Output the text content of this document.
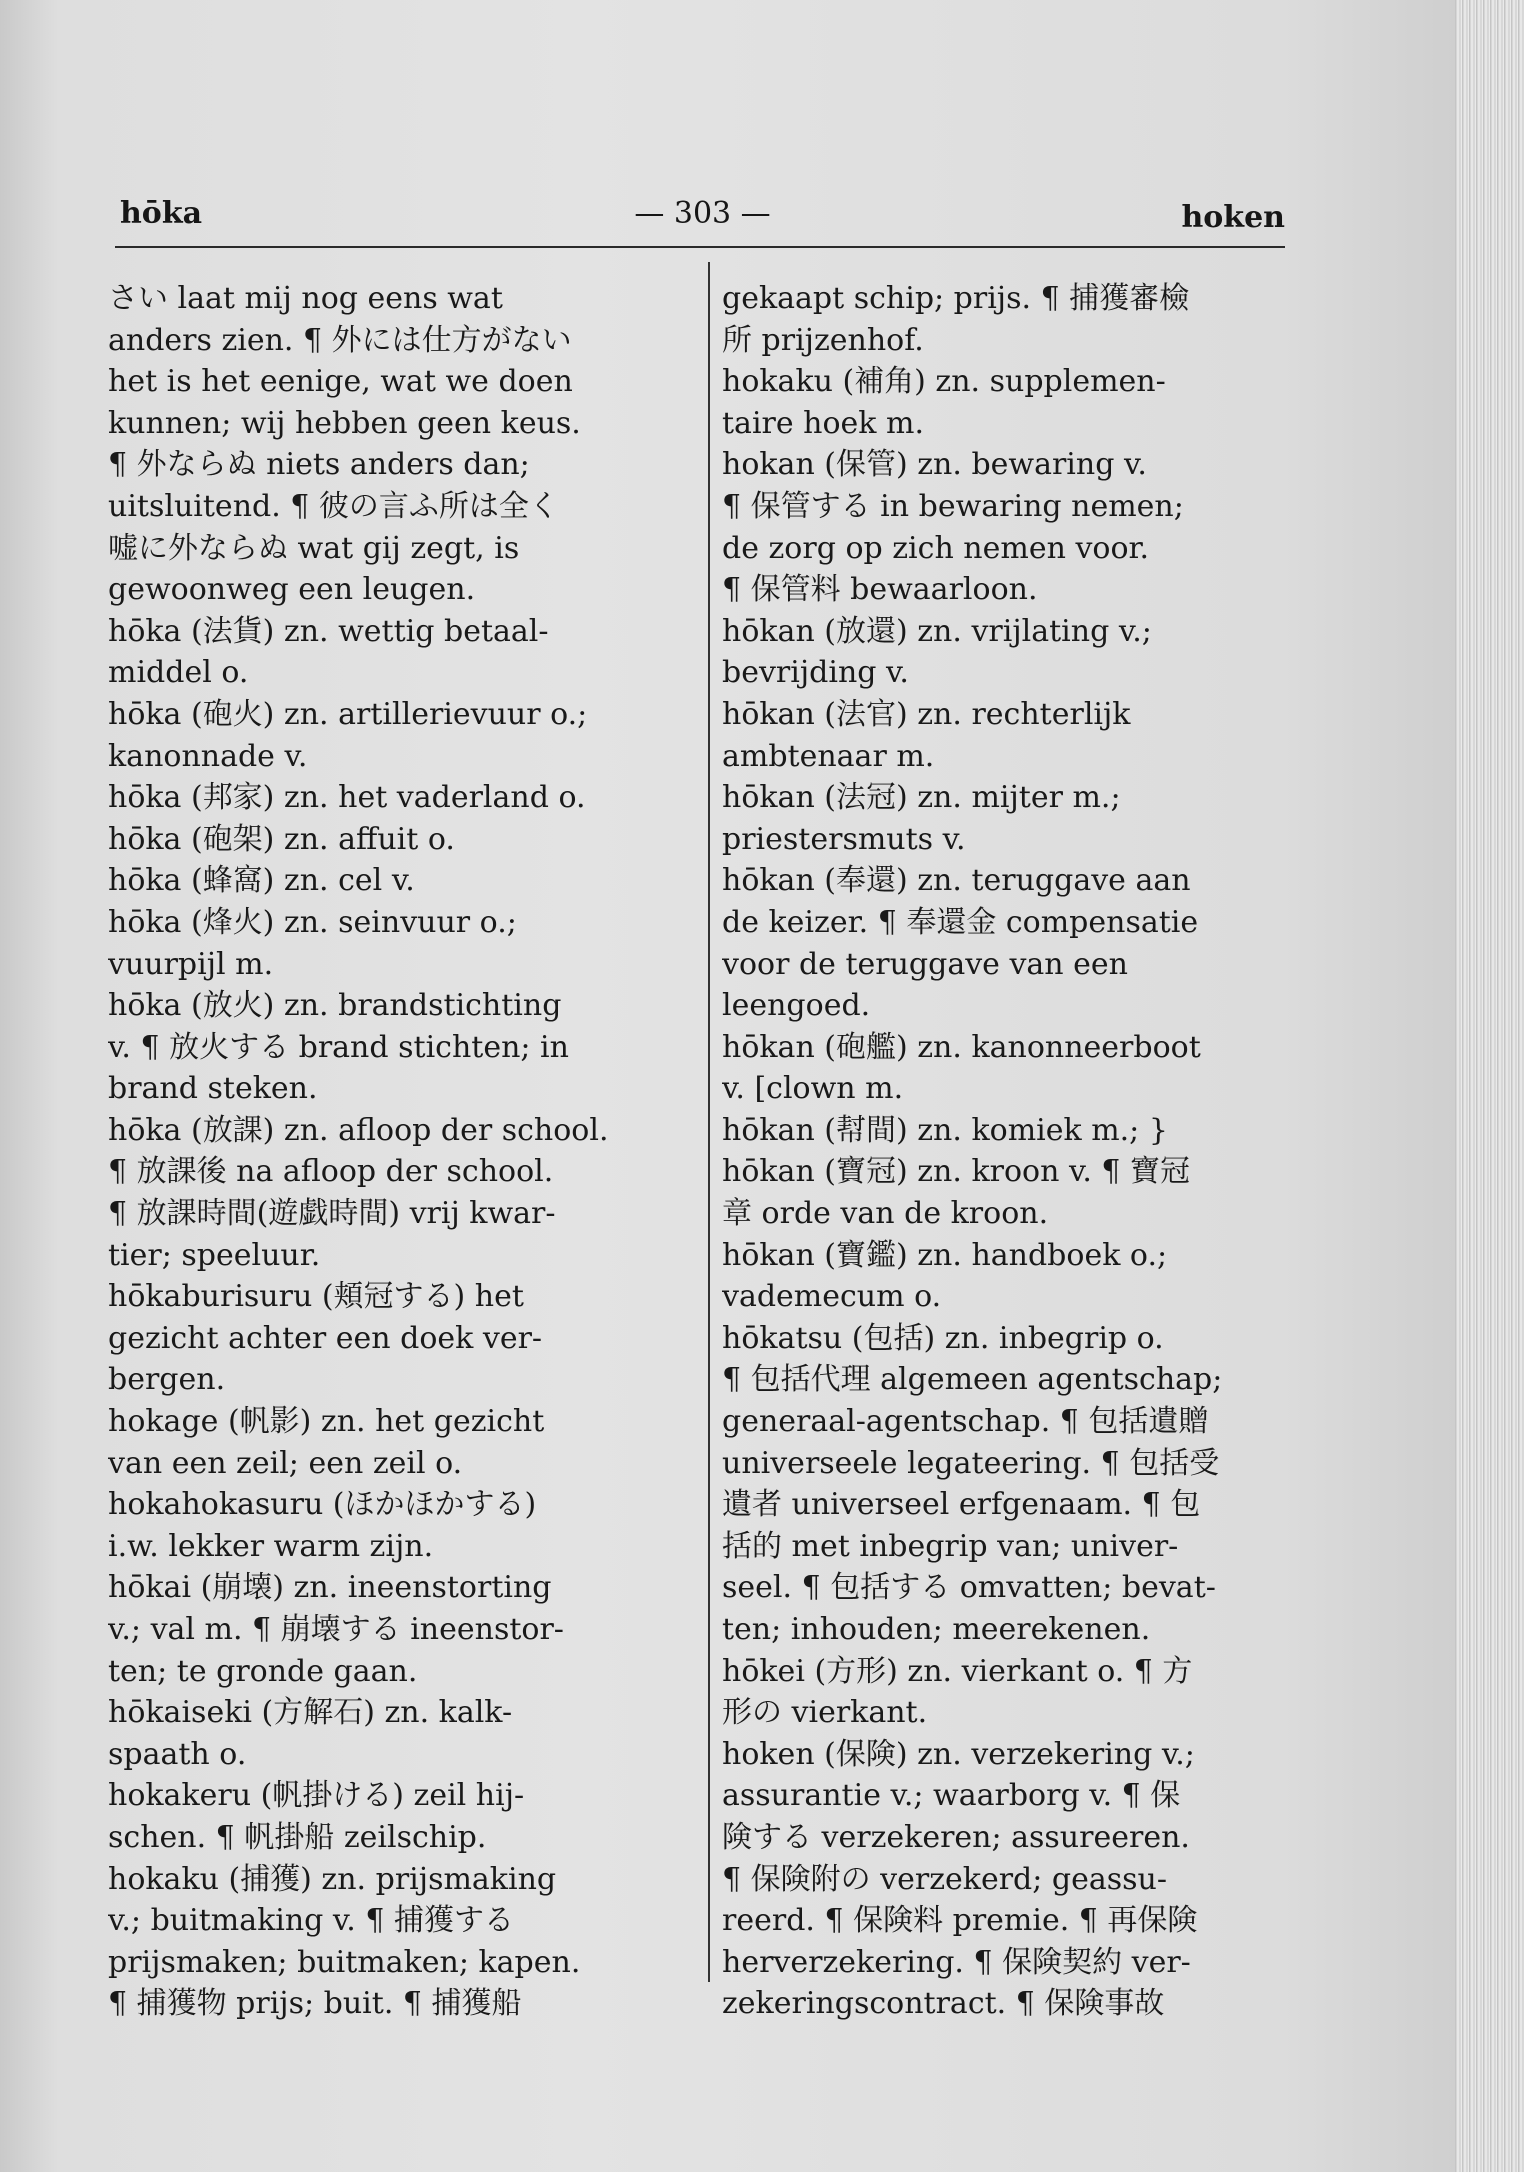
hōka	— 303 —	hoken
さい laat mij nog eens wat
anders zien. ¶ 外には仕方がない
het is het eenige, wat we doen
kunnen; wij hebben geen keus.
¶ 外ならぬ niets anders dan;
uitsluitend. ¶ 彼の言ふ所は全く
嘘に外ならぬ wat gij zegt, is
gewoonweg een leugen.
hōka (法貨) zn. wettig betaal-
middel o.
hōka (砲火) zn. artillerievuur o.;
kanonnade v.
hōka (邦家) zn. het vaderland o.
hōka (砲架) zn. affuit o.
hōka (蜂窩) zn. cel v.
hōka (烽火) zn. seinvuur o.;
vuurpijl m.
hōka (放火) zn. brandstichting
v. ¶ 放火する brand stichten; in
brand steken.
hōka (放課) zn. afloop der school.
¶ 放課後 na afloop der school.
¶ 放課時間(遊戯時間) vrij kwar-
tier; speeluur.
hōkaburisuru (頬冠する) het
gezicht achter een doek ver-
bergen.
hokage (帆影) zn. het gezicht
van een zeil; een zeil o.
hokahokasuru (ほかほかする)
i.w. lekker warm zijn.
hōkai (崩壊) zn. ineenstorting
v.; val m. ¶ 崩壊する ineenstor-
ten; te gronde gaan.
hōkaiseki (方解石) zn. kalk-
spaath o.
hokakeru (帆掛ける) zeil hij-
schen. ¶ 帆掛船 zeilschip.
hokaku (捕獲) zn. prijsmaking
v.; buitmaking v. ¶ 捕獲する
prijsmaken; buitmaken; kapen.
¶ 捕獲物 prijs; buit. ¶ 捕獲船
gekaapt schip; prijs. ¶ 捕獲審檢
所 prijzenhof.
hokaku (補角) zn. supplemen-
taire hoek m.
hokan (保管) zn. bewaring v.
¶ 保管する in bewaring nemen;
de zorg op zich nemen voor.
¶ 保管料 bewaarloon.
hōkan (放還) zn. vrijlating v.;
bevrijding v.
hōkan (法官) zn. rechterlijk
ambtenaar m.
hōkan (法冠) zn. mijter m.;
priestersmuts v.
hōkan (奉還) zn. teruggave aan
de keizer. ¶ 奉還金 compensatie
voor de teruggave van een
leengoed.
hōkan (砲艦) zn. kanonneerboot
v. [clown m.
hōkan (幇間) zn. komiek m.; }
hōkan (寶冠) zn. kroon v. ¶ 寶冠
章 orde van de kroon.
hōkan (寶鑑) zn. handboek o.;
vademecum o.
hōkatsu (包括) zn. inbegrip o.
¶ 包括代理 algemeen agentschap;
generaal-agentschap. ¶ 包括遺贈
universeele legateering. ¶ 包括受
遺者 universeel erfgenaam. ¶ 包
括的 met inbegrip van; univer-
seel. ¶ 包括する omvatten; bevat-
ten; inhouden; meerekenen.
hōkei (方形) zn. vierkant o. ¶ 方
形の vierkant.
hoken (保険) zn. verzekering v.;
assurantie v.; waarborg v. ¶ 保
険する verzekeren; assureeren.
¶ 保険附の verzekerd; geassu-
reerd. ¶ 保険料 premie. ¶ 再保険
herverzekering. ¶ 保険契約 ver-
zekeringscontract. ¶ 保険事故
